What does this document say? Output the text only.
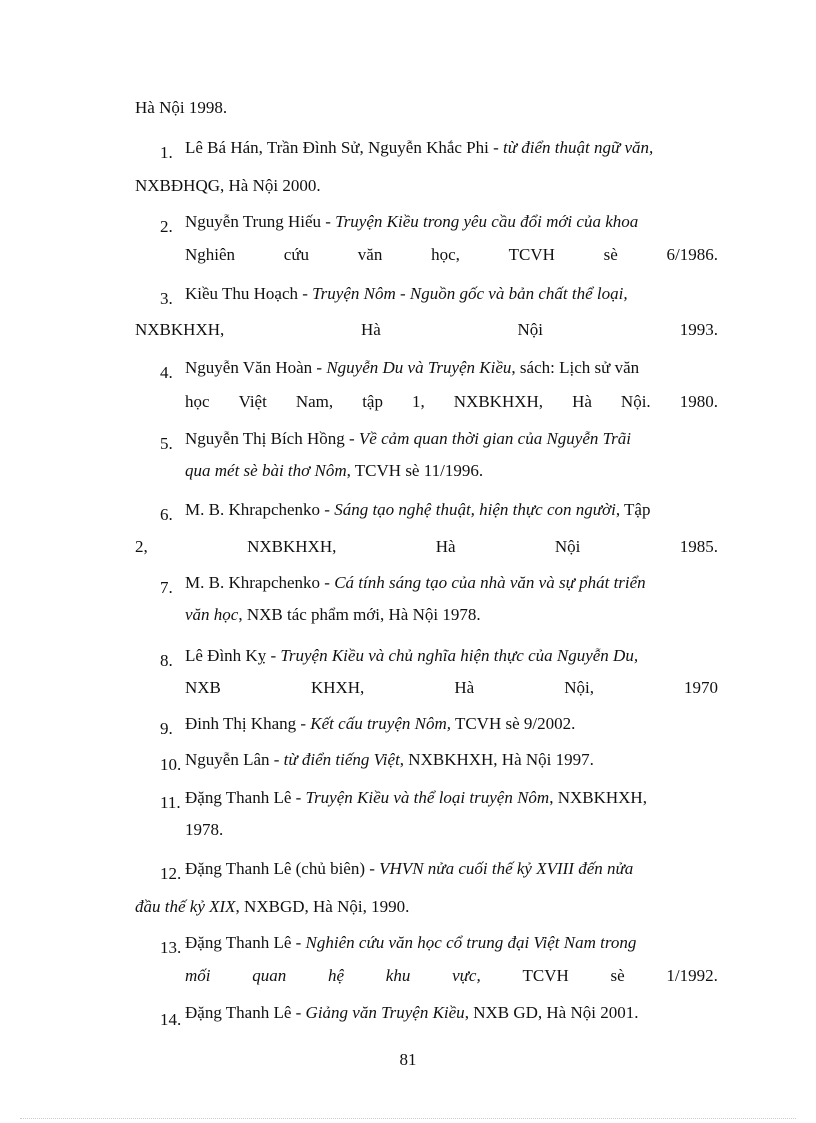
Hà Nội 1998.
1. Lê Bá Hán, Trần Đình Sử, Nguyễn Khắc Phi - từ điển thuật ngữ văn,
NXBĐHQG, Hà Nội 2000.
2. Nguyễn Trung Hiếu - Truyện Kiều trong yêu cầu đổi mới của khoa
Nghiên	cứu	văn	học,	TCVH	sè	6/1986.
3. Kiều Thu Hoạch - Truyện Nôm - Nguồn gốc và bản chất thể loại,
NXBKHXH,	Hà	Nội	1993.
4. Nguyễn Văn Hoàn - Nguyễn Du và Truyện Kiều, sách: Lịch sử văn
học Việt Nam, tập 1, NXBKHXH, Hà Nội. 1980.
5. Nguyễn Thị Bích Hồng - Về cảm quan thời gian của Nguyễn Trãi
qua mét sè bài thơ Nôm, TCVH sè 11/1996.
6. M. B. Khrapchenko - Sáng tạo nghệ thuật, hiện thực con người, Tập
2,	NXBKHXH,	Hà	Nội	1985.
7. M. B. Khrapchenko - Cá tính sáng tạo của nhà văn và sự phát triển
văn học, NXB tác phẩm mới, Hà Nội 1978.
8. Lê Đình Kỵ - Truyện Kiều và chủ nghĩa hiện thực của Nguyễn Du,
NXB	KHXH,	Hà	Nội,	1970
9. Đinh Thị Khang - Kết cấu truyện Nôm, TCVH sè 9/2002.
10. Nguyễn Lân - từ điển tiếng Việt, NXBKHXH, Hà Nội 1997.
11. Đặng Thanh Lê - Truyện Kiều và thể loại truyện Nôm, NXBKHXH,
1978.
12. Đặng Thanh Lê (chủ biên) - VHVN nửa cuối thế kỷ XVIII đến nửa
đầu thế kỷ XIX, NXBGD, Hà Nội, 1990.
13. Đặng Thanh Lê - Nghiên cứu văn học cổ trung đại Việt Nam trong
mối quan hệ khu vực, TCVH sè 1/1992.
14. Đặng Thanh Lê - Giảng văn Truyện Kiều, NXB GD, Hà Nội 2001.
81
